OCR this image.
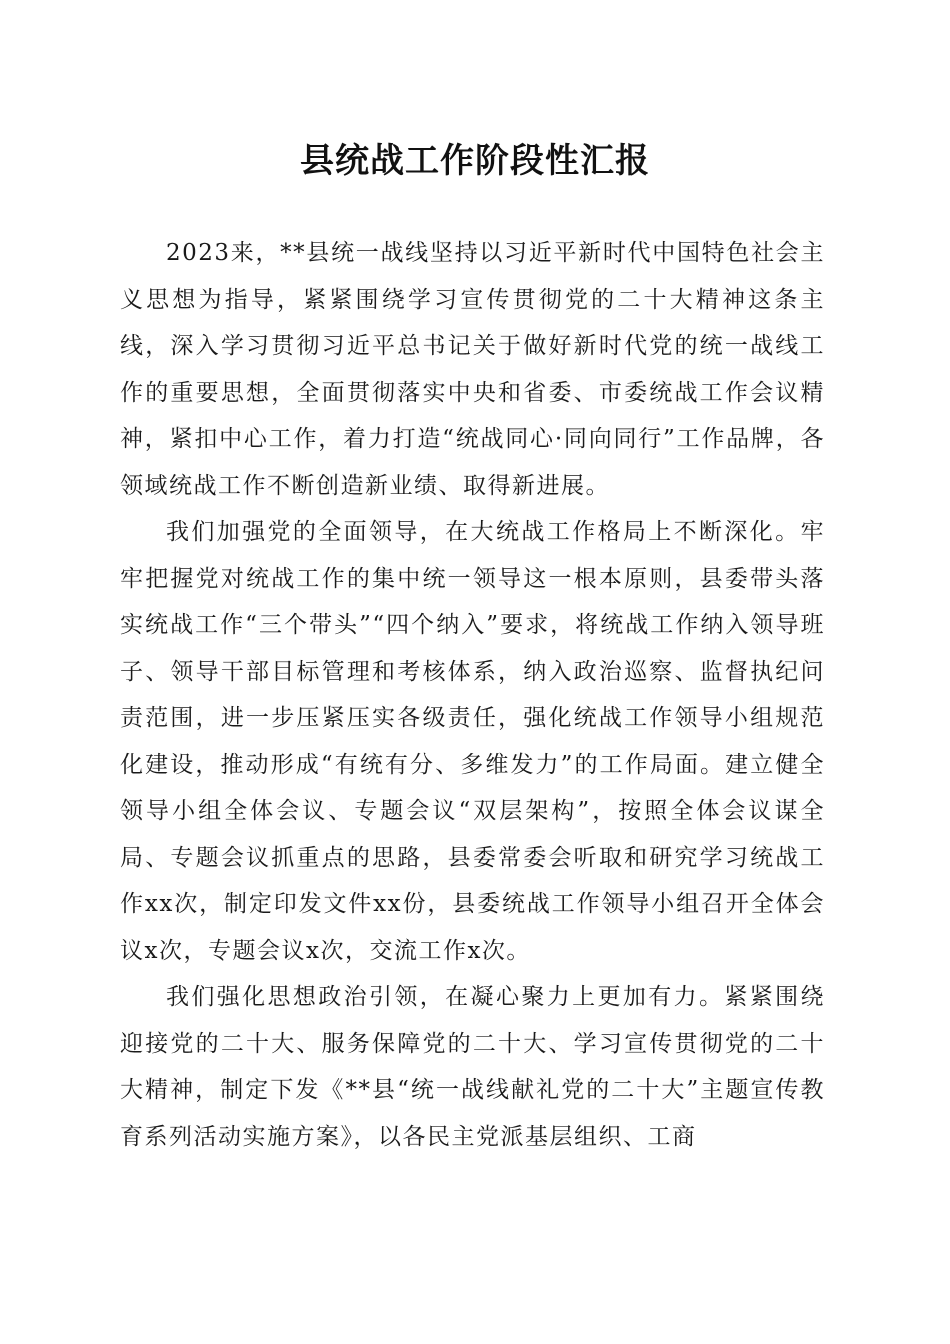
县统战工作阶段性汇报

2023来，**县统一战线坚持以习近平新时代中国特色社会主义思想为指导，紧紧围绕学习宣传贯彻党的二十大精神这条主线，深入学习贯彻习近平总书记关于做好新时代党的统一战线工作的重要思想，全面贯彻落实中央和省委、市委统战工作会议精神，紧扣中心工作，着力打造“统战同心·同向同行”工作品牌，各领域统战工作不断创造新业绩、取得新进展。

我们加强党的全面领导，在大统战工作格局上不断深化。牢牢把握党对统战工作的集中统一领导这一根本原则，县委带头落实统战工作“三个带头”“四个纳入”要求，将统战工作纳入领导班子、领导干部目标管理和考核体系，纳入政治巡察、监督执纪问责范围，进一步压紧压实各级责任，强化统战工作领导小组规范化建设，推动形成“有统有分、多维发力”的工作局面。建立健全领导小组全体会议、专题会议“双层架构”，按照全体会议谋全局、专题会议抓重点的思路，县委常委会听取和研究学习统战工作xx次，制定印发文件xx份，县委统战工作领导小组召开全体会议x次，专题会议x次，交流工作x次。

我们强化思想政治引领，在凝心聚力上更加有力。紧紧围绕迎接党的二十大、服务保障党的二十大、学习宣传贯彻党的二十大精神，制定下发《**县“统一战线献礼党的二十大”主题宣传教育系列活动实施方案》，以各民主党派基层组织、工商
